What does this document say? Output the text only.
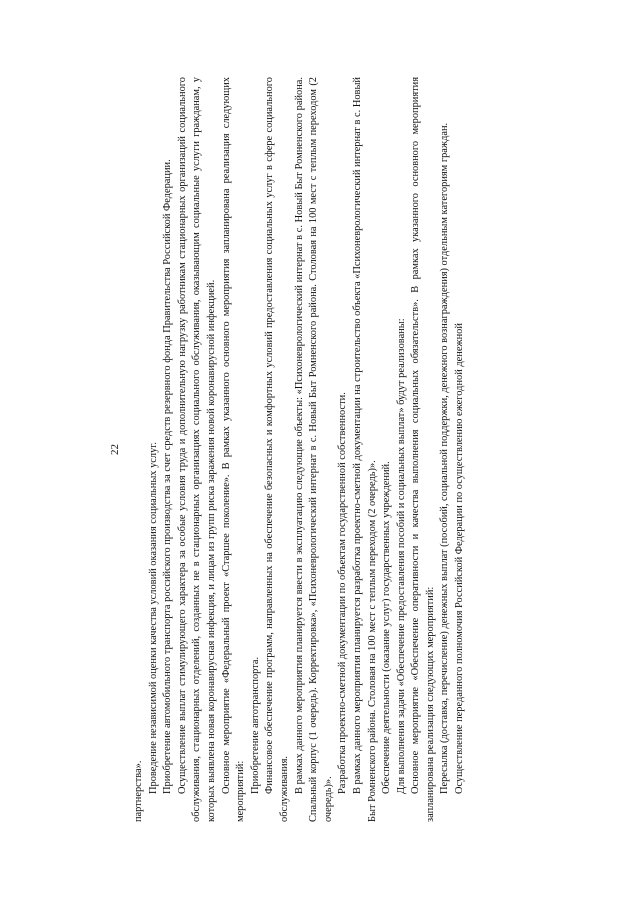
22

партнерства». Проведение независимой оценки качества условий оказания социальных услуг. Приобретение автомобильного транспорта российского производства за счет средств резервного фонда Правительства Российской Федерации. Осуществление выплат стимулирующего характера за особые условия труда и дополнительную нагрузку работникам стационарных организаций социального обслуживания, стационарных отделений, созданных не в стационарных организациях социального обслуживания, оказывающим социальные услуги гражданам, у которых выявлена новая коронавирусная инфекция, и лицам из групп риска заражения новой коронавирусной инфекцией. Основное мероприятие «Федеральный проект «Старшее поколение». В рамках указанного основного мероприятия запланирована реализация следующих мероприятий: Приобретение автотранспорта. Финансовое обеспечение программ, направленных на обеспечение безопасных и комфортных условий предоставления социальных услуг в сфере социального обслуживания. В рамках данного мероприятия планируется ввести в эксплуатацию следующие объекты: «Психоневрологический интернат в с. Новый Быт Ромненского района. Спальный корпус (1 очередь). Корректировка», «Психоневрологический интернат в с. Новый Быт Ромненского района. Столовая на 100 мест с теплым переходом (2 очередь)».

Разработка проектно-сметной документации по объектам государственной собственности. В рамках данного мероприятия планируется разработка проектно-сметной документации на строительство объекта «Психоневрологический интернат в с. Новый Быт Ромненского района. Столовая на 100 мест с теплым переходом (2 очередь)». Обеспечение деятельности (оказание услуг) государственных учреждений. Для выполнения задачи «Обеспечение предоставления пособий и социальных выплат» будут реализованы: Основное мероприятие «Обеспечение оперативности и качества выполнения социальных обязательств». В рамках указанного основного мероприятия запланирована реализация следующих мероприятий: Пересылка (доставка, перечисление) денежных выплат (пособий, социальной поддержки, денежного вознаграждения) отдельным категориям граждан. Осуществление переданного полномочия Российской Федерации по осуществлению ежегодной денежной
